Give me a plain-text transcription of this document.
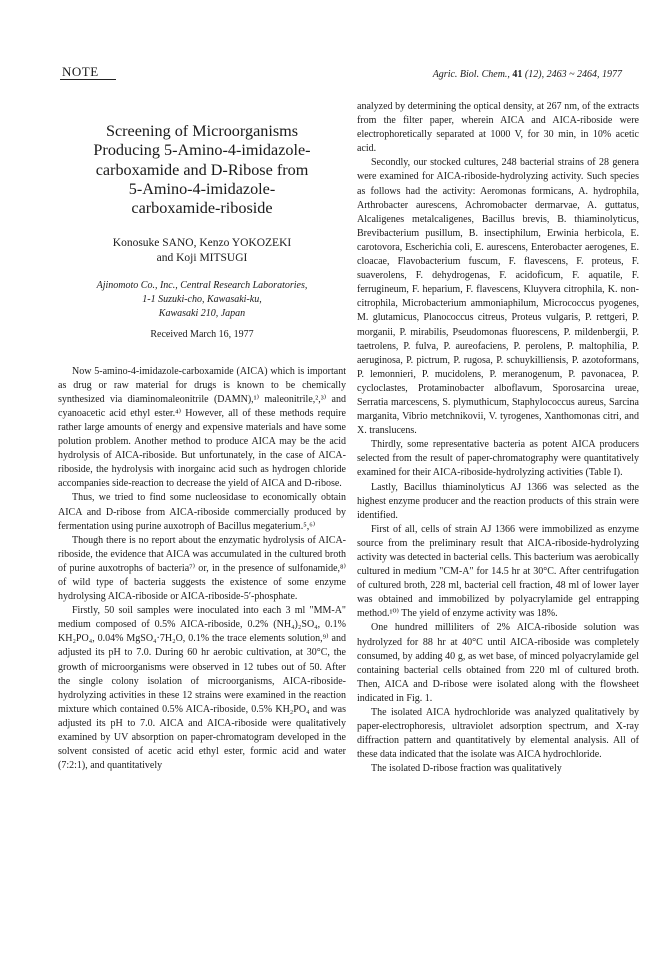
NOTE	Agric. Biol. Chem., 41 (12), 2463 ~ 2464, 1977
Screening of Microorganisms
Producing 5-Amino-4-imidazole-
carboxamide and D-Ribose from
5-Amino-4-imidazole-
carboxamide-riboside
Konosuke SANO, Kenzo YOKOZEKI
and Koji MITSUGI
Ajinomoto Co., Inc., Central Research Laboratories,
1-1 Suzuki-cho, Kawasaki-ku,
Kawasaki 210, Japan
Received March 16, 1977

Now 5-amino-4-imidazole-carboxamide (AICA) which is important as drug or raw material for drugs is known to be chemically synthesized via diaminomalеonitrile (DAMN),¹⁾ maleonitrile,²,³⁾ and cyanoacetic acid ethyl ester.⁴⁾ However, all of these methods require rather large amounts of energy and expensive materials and have some polution problem. Another method to produce AICA may be the acid hydrolysis of AICA-riboside. But unfortunately, in the case of AICA-riboside, the hydrolysis with inorgainc acid such as hydrogen chloride accompanies side-reaction to decrease the yield of AICA and D-ribose.

Thus, we tried to find some nucleosidase to economically obtain AICA and D-ribose from AICA-riboside commercially produced by fermentation using purine auxotroph of Bacillus megaterium.⁵,⁶⁾

Though there is no report about the enzymatic hydrolysis of AICA-riboside, the evidence that AICA was accumulated in the cultured broth of purine auxotrophs of bacteria⁷⁾ or, in the presence of sulfonamide,⁸⁾ of wild type of bacteria suggests the existence of some enzyme hydrolysing AICA-riboside or AICA-riboside-5′-phosphate.

Firstly, 50 soil samples were inoculated into each 3 ml "MM-A" medium composed of 0.5% AICA-riboside, 0.2% (NH₄)₂SO₄, 0.1% KH₂PO₄, 0.04% MgSO₄·7H₂O, 0.1% the trace elements solution,⁹⁾ and adjusted its pH to 7.0. During 60 hr aerobic cultivation, at 30°C, the growth of microorganisms were observed in 12 tubes out of 50. After the single colony isolation of microorganisms, AICA-riboside-hydrolyzing activities in these 12 strains were examined in the reaction mixture which contained 0.5% AICA-riboside, 0.5% KH₂PO₄ and was adjusted its pH to 7.0. AICA and AICA-riboside were qualitatively examined by UV absorption on paper-chromatogram developed in the solvent consisted of acetic acid ethyl ester, formic acid and water (7:2:1), and quantitatively

analyzed by determining the optical density, at 267 nm, of the extracts from the filter paper, wherein AICA and AICA-riboside were electrophoretically separated at 1000 V, for 30 min, in 10% acetic acid.

Secondly, our stocked cultures, 248 bacterial strains of 28 genera were examined for AICA-riboside-hydrolyzing activity. Such species as follows had the activity: Aeromonas formicans, A. hydrophila, Arthrobacter aurescens, Achromobacter dermarvae, A. guttatus, Alcaligenes metalcaligenes, Bacillus brevis, B. thiaminolyticus, Brevibacterium pusillum, B. insectiphilum, Erwinia herbicola, E. carotovora, Escherichia coli, E. aurescens, Enterobacter aerogenes, E. cloacae, Flavobacterium fuscum, F. flavescens, F. proteus, F. suaverolens, F. dehydrogenas, F. acidoficum, F. aquatile, F. ferrugineum, F. heparium, F. flavescens, Kluyvera citrophila, K. non-citrophila, Microbacterium ammoniaphilum, Micrococcus pyogenes, M. glutamicus, Planococcus citreus, Proteus vulgaris, P. rettgeri, P. morganii, P. mirabilis, Pseudomonas fluorescens, P. mildenbergii, P. taetrolens, P. fulva, P. aureofaciens, P. perolens, P. maltophilia, P. aeruginosa, P. pictrum, P. rugosa, P. schuykilliensis, P. azotoformans, P. lemonnieri, P. mucidolens, P. meranogenum, P. pavonacea, P. cycloclastes, Protaminobacter alboflavum, Sporosarcina ureae, Serratia marcescens, S. plymuthicum, Staphylococcus aureus, Sarcina marganita, Vibrio metchnikovii, V. tyrogenes, Xanthomonas citri, and X. translucens.

Thirdly, some representative bacteria as potent AICA producers selected from the result of paper-chromatography were quantitatively examined for their AICA-riboside-hydrolyzing activities (Table I).

Lastly, Bacillus thiaminolyticus AJ 1366 was selected as the highest enzyme producer and the reaction products of this strain were identified.

First of all, cells of strain AJ 1366 were immobilized as enzyme source from the preliminary result that AICA-riboside-hydrolyzing activity was detected in bacterial cells. This bacterium was aerobically cultured in medium "CM-A" for 14.5 hr at 30°C. After centrifugation of cultured broth, 228 ml, bacterial cell fraction, 48 ml of lower layer was obtained and immobilized by polyacrylamide gel entrapping method.¹⁰⁾ The yield of enzyme activity was 18%.

One hundred milliliters of 2% AICA-riboside solution was hydrolyzed for 88 hr at 40°C until AICA-riboside was completely consumed, by adding 40 g, as wet base, of minced polyacrylamide gel containing bacterial cells obtained from 220 ml of cultured broth. Then, AICA and D-ribose were isolated along with the flowsheet indicated in Fig. 1.

The isolated AICA hydrochloride was analyzed qualitatively by paper-electrophoresis, ultraviolet adsorption spectrum, and X-ray diffraction pattern and quantitatively by elemental analysis. All of these data indicated that the isolate was AICA hydrochloride.

The isolated D-ribose fraction was qualitatively
